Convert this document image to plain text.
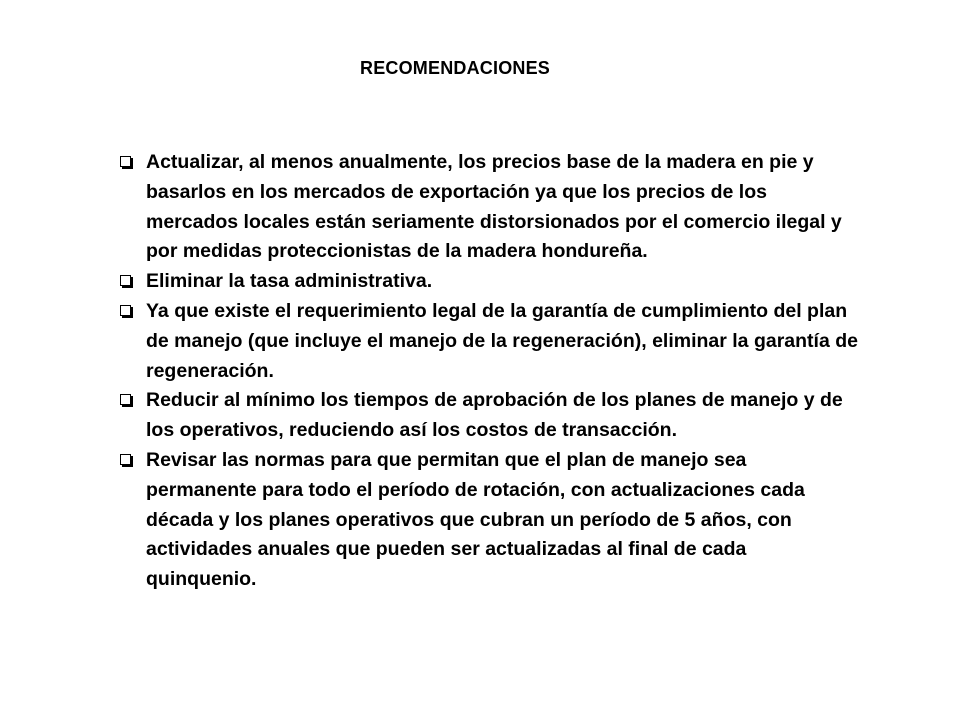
RECOMENDACIONES
Actualizar, al menos anualmente, los precios base de la madera en pie y basarlos en los mercados de exportación ya que los precios de los mercados locales están seriamente distorsionados por el comercio ilegal y por medidas proteccionistas de la madera hondureña.
Eliminar la tasa administrativa.
Ya que existe el requerimiento legal de la garantía de cumplimiento del plan de manejo (que incluye el manejo de la regeneración), eliminar la garantía de regeneración.
Reducir al mínimo los tiempos de aprobación de los planes de manejo y de los operativos, reduciendo así los costos de transacción.
Revisar las normas para que permitan que el plan de manejo sea permanente para todo el período de rotación, con actualizaciones cada década y los planes operativos que cubran un período de 5 años, con actividades anuales que pueden ser actualizadas al final de cada quinquenio.
